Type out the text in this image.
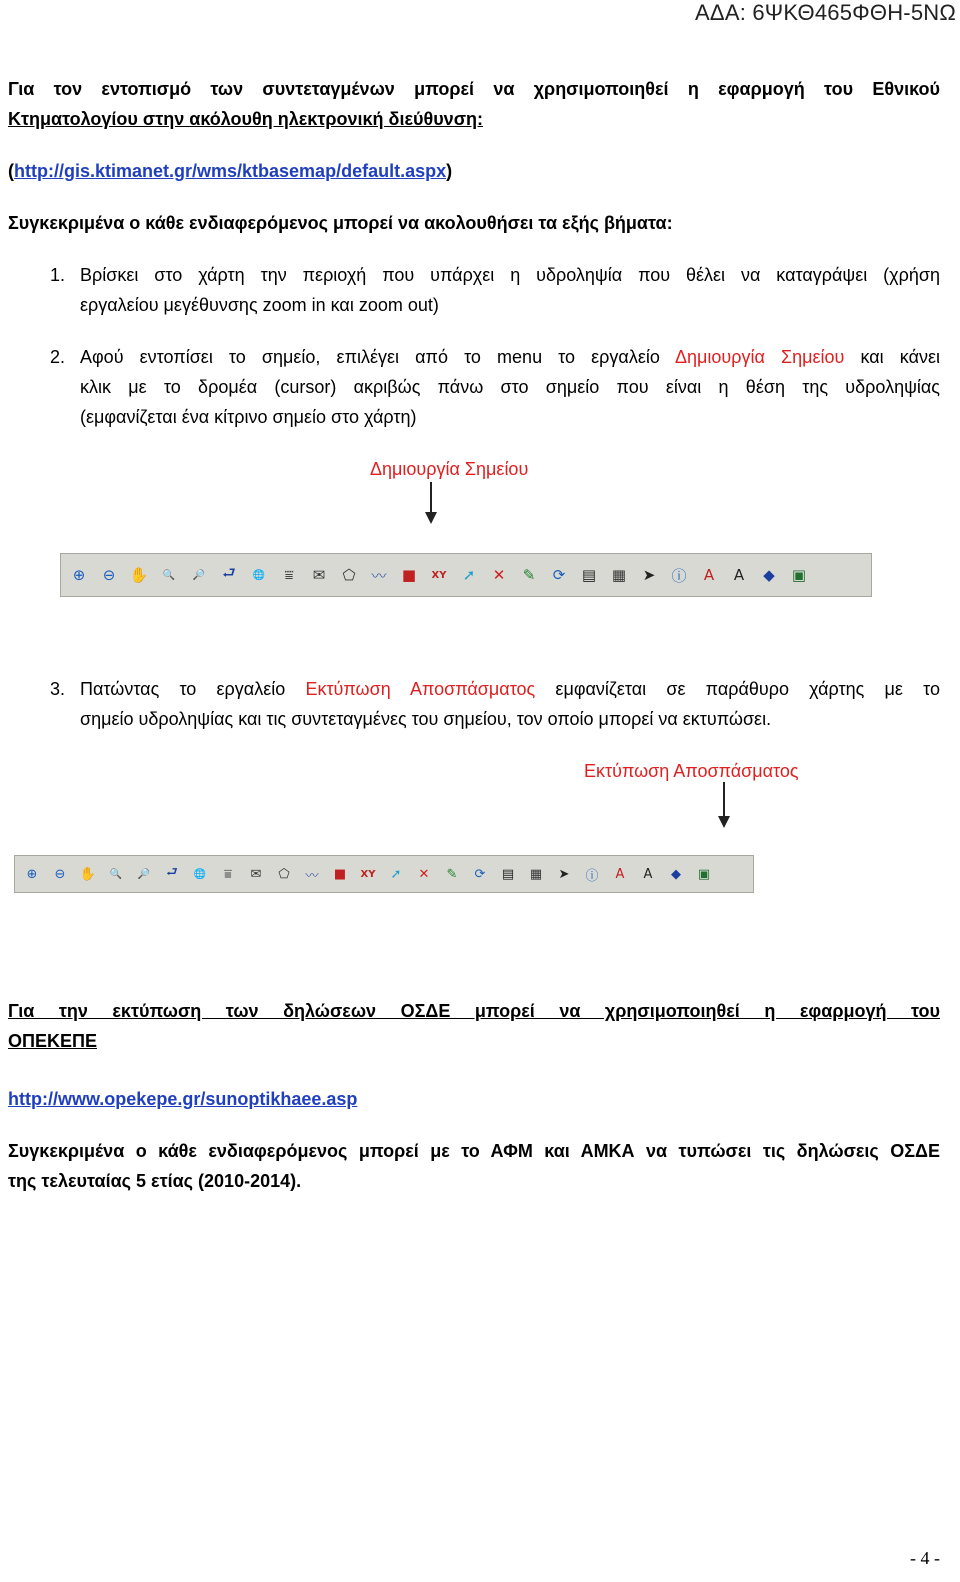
ΑΔΑ: 6ΨΚΘ465ΦΘΗ-5ΝΩ
Για τον εντοπισμό των συντεταγμένων μπορεί να χρησιμοποιηθεί η εφαρμογή του Εθνικού
Κτηματολογίου στην ακόλουθη ηλεκτρονική διεύθυνση:
(http://gis.ktimanet.gr/wms/ktbasemap/default.aspx)
Συγκεκριμένα ο κάθε ενδιαφερόμενος μπορεί να ακολουθήσει τα εξής βήματα:
1. Βρίσκει στο χάρτη την περιοχή που υπάρχει η υδροληψία που θέλει να καταγράψει (χρήση
εργαλείου μεγέθυνσης zoom in και zoom out)
2. Αφού εντοπίσει το σημείο, επιλέγει από το menu το εργαλείο Δημιουργία Σημείου και κάνει
κλικ με το δρομέα (cursor) ακριβώς πάνω στο σημείο που είναι η θέση της υδροληψίας
(εμφανίζεται ένα κίτρινο σημείο στο χάρτη)
Δημιουργία Σημείου
⊕	⊖ ✋	🔍	🔎	⮐	🌐	⩸	✉	⬠	〰	■	XY	➚	✕	✎	⟳	▤	▦	➤	ⓘ	A	A	◆	▣
3. Πατώντας το εργαλείο Εκτύπωση Αποσπάσματος εμφανίζεται σε παράθυρο χάρτης με το
σημείο υδροληψίας και τις συντεταγμένες του σημείου, τον οποίο μπορεί να εκτυπώσει.
Εκτύπωση Αποσπάσματος
⊕	⊖	✋	🔍	🔎	⮐	🌐	⩸	✉	⬠	〰	■	XY	➚	✕	✎	⟳	▤	▦	➤	ⓘ	A	A	◆	▣
Για την εκτύπωση των δηλώσεων ΟΣΔΕ μπορεί να χρησιμοποιηθεί η εφαρμογή του
ΟΠΕΚΕΠΕ
http://www.opekepe.gr/sunoptikhaee.asp
Συγκεκριμένα ο κάθε ενδιαφερόμενος μπορεί με το ΑΦΜ και ΑΜΚΑ να τυπώσει τις δηλώσεις ΟΣΔΕ
της τελευταίας 5 ετίας (2010-2014).
- 4 -
